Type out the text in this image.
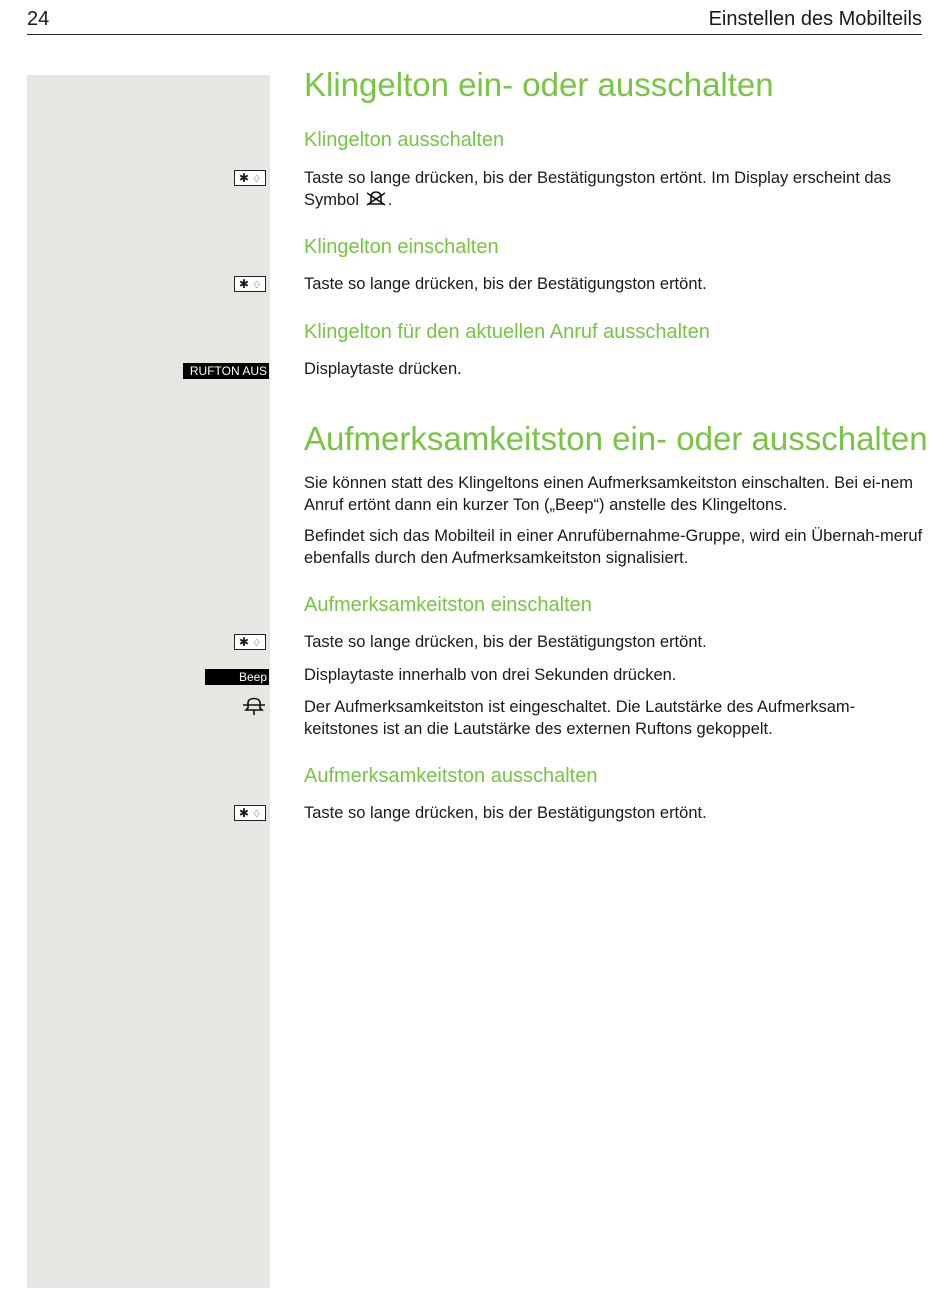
24	Einstellen des Mobilteils
Klingelton ein- oder ausschalten
Klingelton ausschalten
✱ ♢	Taste so lange drücken, bis der Bestätigungston ertönt. Im Display erscheint das Symbol .
Klingelton einschalten
✱ ♢	Taste so lange drücken, bis der Bestätigungston ertönt.
Klingelton für den aktuellen Anruf ausschalten
RUFTON AUS Displaytaste drücken.
Aufmerksamkeitston ein- oder ausschalten
Sie können statt des Klingeltons einen Aufmerksamkeitston einschalten. Bei ei-nem Anruf ertönt dann ein kurzer Ton („Beep“) anstelle des Klingeltons.
Befindet sich das Mobilteil in einer Anrufübernahme-Gruppe, wird ein Übernah-meruf ebenfalls durch den Aufmerksamkeitston signalisiert.
Aufmerksamkeitston einschalten
✱ ♢	Taste so lange drücken, bis der Bestätigungston ertönt.
Beep Displaytaste innerhalb von drei Sekunden drücken.
Der Aufmerksamkeitston ist eingeschaltet. Die Lautstärke des Aufmerksam-keitstones ist an die Lautstärke des externen Ruftons gekoppelt.
Aufmerksamkeitston ausschalten
✱ ♢	Taste so lange drücken, bis der Bestätigungston ertönt.
